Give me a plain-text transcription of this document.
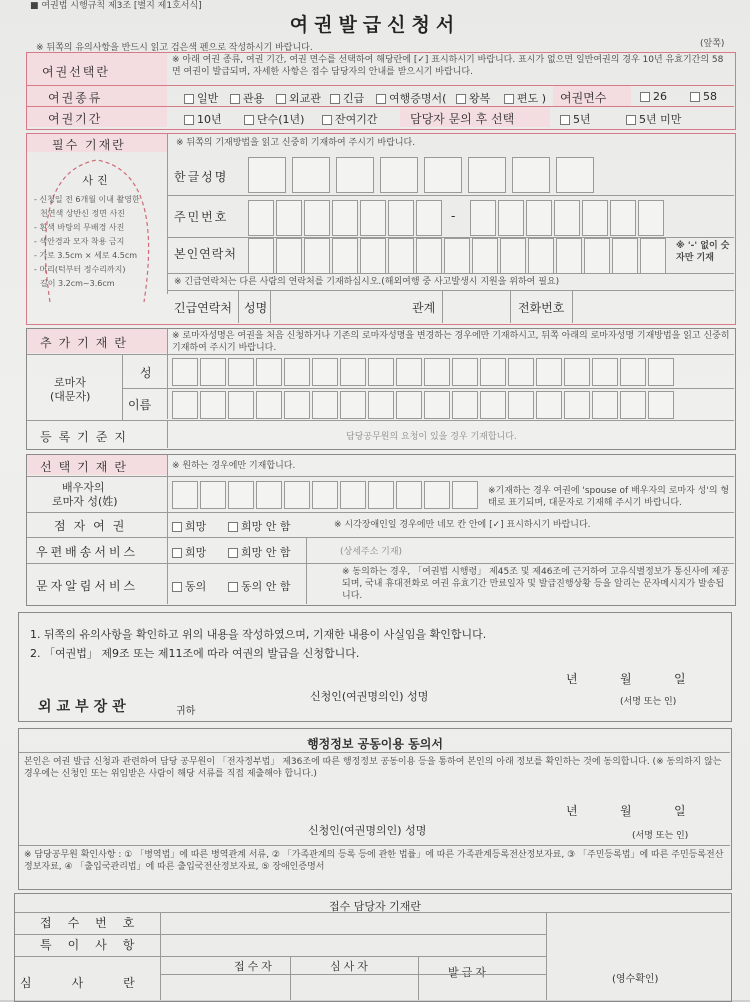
■ 여권법 시행규칙 제3조 [별지 제1호서식]
여권발급신청서
(앞쪽)
※ 뒤쪽의 유의사항을 반드시 읽고 검은색 펜으로 작성하시기 바랍니다.
여권선택란
※ 아래 여권 종류, 여권 기간, 여권 면수를 선택하여 해당란에 [✓] 표시하시기 바랍니다. 표시가 없으면 일반여권의 경우 10년 유효기간의 58면 여권이 발급되며, 자세한 사항은 접수 담당자의 안내를 받으시기 바랍니다.
여권종류	일반	관용	외교관	긴급	여행증명서(	왕복	편도 ) 여권면수	26	58
여권기간	10년	단수(1년)	잔여기간	담당자 문의 후 선택	5년	5년 미만
필수 기재란	※ 뒤쪽의 기재방법을 읽고 신중히 기재하여 주시기 바랍니다.
사진
- 신청일 전 6개월 이내 촬영한
천연색 상반신 정면 사진
- 흰색 바탕의 무배경 사진
- 색안경과 모자 착용 금지
- 가로 3.5cm × 세로 4.5cm
- 머리(턱부터 정수리까지)
길이 3.2cm~3.6cm
한글성명
주민번호	-
본인연락처
※ '-' 없이 숫자만 기재
※ 긴급연락처는 다른 사람의 연락처를 기재하십시오.(해외여행 중 사고발생시 지원을 위하여 필요)
긴급연락처 성명	관계	전화번호
추가기재란	※ 로마자성명은 여권을 처음 신청하거나 기존의 로마자성명을 변경하는 경우에만 기재하시고, 뒤쪽 아래의 로마자성명 기재방법을 읽고 신중히 기재하여 주시기 바랍니다.
로마자
(대문자)
성
이름
등록기준지	담당공무원의 요청이 있을 경우 기재합니다.
선택기재란	※ 원하는 경우에만 기재합니다.
배우자의
로마자 성(姓)
※기재하는 경우 여권에 'spouse of 배우자의 로마자 성'의 형태로 표기되며, 대문자로 기재해 주시기 바랍니다.
점자여권	희망	희망 안 함	※ 시각장애인일 경우에만 네모 칸 안에 [✓] 표시하시기 바랍니다.
우편배송서비스	희망	희망 안 함	(상세주소 기재)
문자알림서비스	동의	동의 안 함
※ 동의하는 경우, 「여권법 시행령」 제45조 및 제46조에 근거하여 고유식별정보가 통신사에 제공되며, 국내 휴대전화로 여권 유효기간 만료일자 및 발급진행상황 등을 알리는 문자메시지가 발송됩니다.
1. 뒤쪽의 유의사항을 확인하고 위의 내용을 작성하였으며, 기재한 내용이 사실임을 확인합니다.
2. 「여권법」 제9조 또는 제11조에 따라 여권의 발급을 신청합니다.
년	월	일
신청인(여권명의인) 성명	(서명 또는 인)
외교부장관	귀하
행정정보 공동이용 동의서
본인은 여권 발급 신청과 관련하여 담당 공무원이 「전자정부법」 제36조에 따른 행정정보 공동이용 등을 통하여 본인의 아래 정보를 확인하는 것에 동의합니다. (※ 동의하지 않는 경우에는 신청인 또는 위임받은 사람이 해당 서류를 직접 제출해야 합니다.)
년	월	일
신청인(여권명의인) 성명	(서명 또는 인)
※ 담당공무원 확인사항 : ① 「병역법」에 따른 병역관계 서류, ② 「가족관계의 등록 등에 관한 법률」에 따른 가족관계등록전산정보자료, ③ 「주민등록법」에 따른 주민등록전산정보자료, ④ 「출입국관리법」에 따른 출입국전산정보자료, ⑤ 장애인증명서
접수 담당자 기재란
접수번호
특이사항
심사란
접수자	심사자	발급자
(영수확인)
